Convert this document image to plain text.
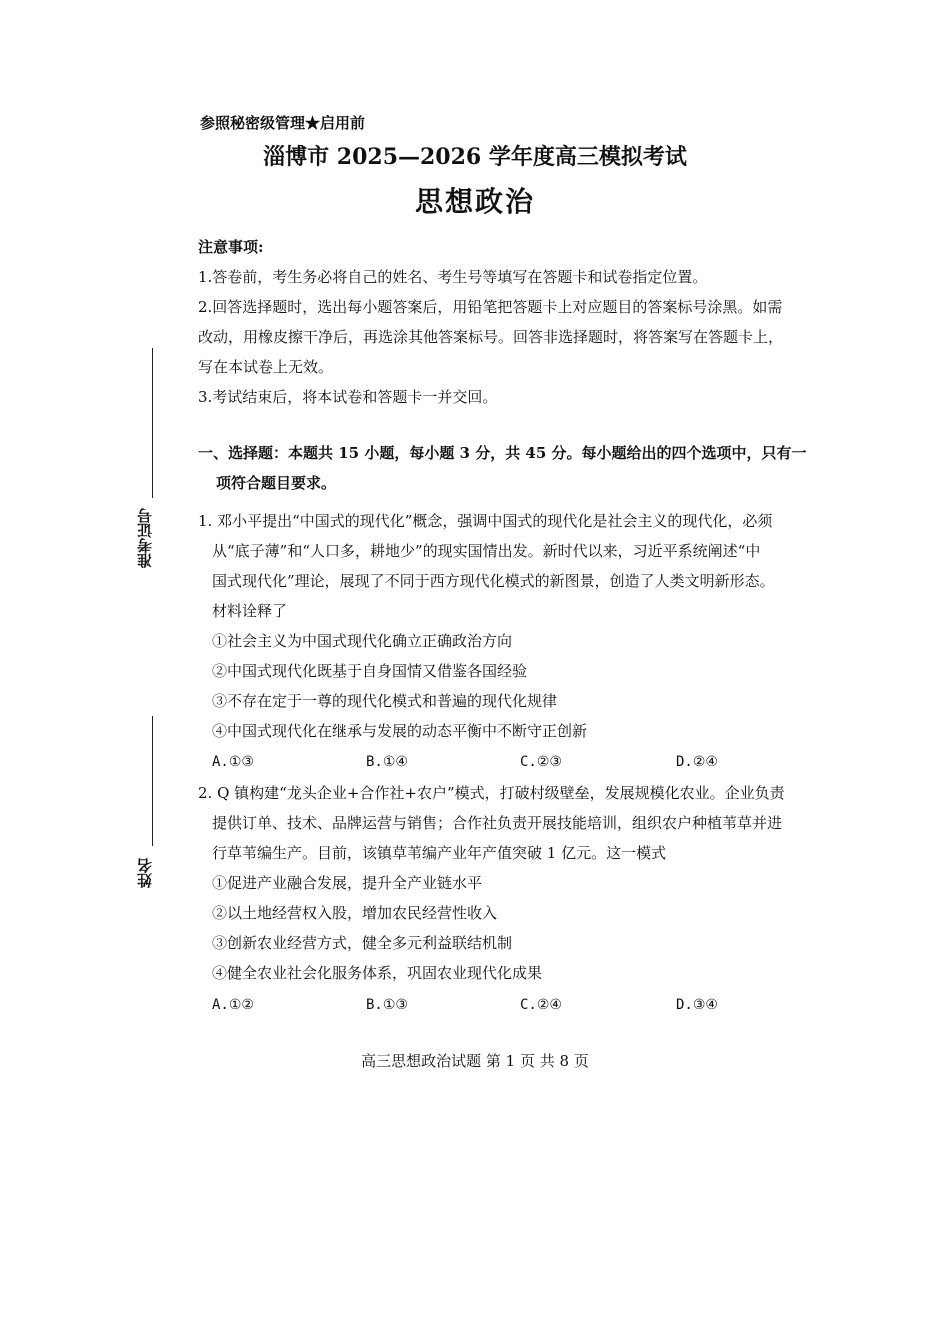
准考证号
姓名
参照秘密级管理★启用前
淄博市 2025—2026 学年度高三模拟考试
思想政治
注意事项:
1.答卷前，考生务必将自己的姓名、考生号等填写在答题卡和试卷指定位置。
2.回答选择题时，选出每小题答案后，用铅笔把答题卡上对应题目的答案标号涂黑。如需
改动，用橡皮擦干净后，再选涂其他答案标号。回答非选择题时，将答案写在答题卡上，
写在本试卷上无效。
3.考试结束后，将本试卷和答题卡一并交回。
一、选择题：本题共 15 小题，每小题 3 分，共 45 分。每小题给出的四个选项中，只有一
项符合题目要求。
1. 邓小平提出“中国式的现代化”概念，强调中国式的现代化是社会主义的现代化，必须
从“底子薄”和“人口多，耕地少”的现实国情出发。新时代以来，习近平系统阐述“中
国式现代化”理论，展现了不同于西方现代化模式的新图景，创造了人类文明新形态。
材料诠释了
①社会主义为中国式现代化确立正确政治方向
②中国式现代化既基于自身国情又借鉴各国经验
③不存在定于一尊的现代化模式和普遍的现代化规律
④中国式现代化在继承与发展的动态平衡中不断守正创新
A.①③	B.①④	C.②③	D.②④
2. Q 镇构建“龙头企业+合作社+农户”模式，打破村级壁垒，发展规模化农业。企业负责
提供订单、技术、品牌运营与销售；合作社负责开展技能培训，组织农户种植苇草并进
行草苇编生产。目前，该镇草苇编产业年产值突破 1 亿元。这一模式
①促进产业融合发展，提升全产业链水平
②以土地经营权入股，增加农民经营性收入
③创新农业经营方式，健全多元利益联结机制
④健全农业社会化服务体系，巩固农业现代化成果
A.①②	B.①③	C.②④	D.③④
高三思想政治试题 第 1 页 共 8 页
